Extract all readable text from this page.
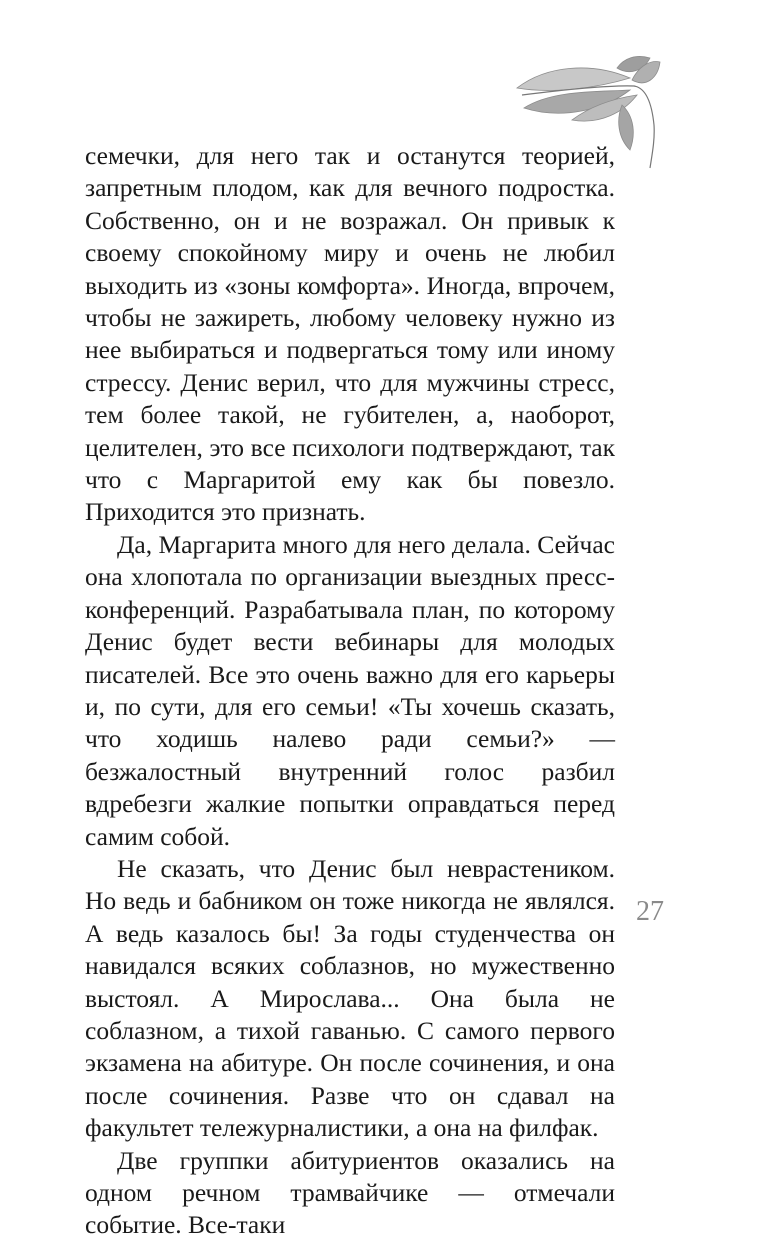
семечки, для него так и останутся теорией, запретным плодом, как для вечного подростка. Собственно, он и не возражал. Он привык к своему спокойному миру и очень не любил выходить из «зоны комфорта». Иногда, впрочем, чтобы не зажиреть, любому человеку нужно из нее выбираться и подвергаться тому или иному стрессу. Денис верил, что для мужчины стресс, тем более такой, не губителен, а, наоборот, целителен, это все психологи подтверждают, так что с Маргаритой ему как бы повезло. Приходится это признать.

Да, Маргарита много для него делала. Сейчас она хлопотала по организации выездных пресс-конференций. Разрабатывала план, по которому Денис будет вести вебинары для молодых писателей. Все это очень важно для его карьеры и, по сути, для его семьи! «Ты хочешь сказать, что ходишь налево ради семьи?» — безжалостный внутренний голос разбил вдребезги жалкие попытки оправдаться перед самим собой.

Не сказать, что Денис был неврастеником. Но ведь и бабником он тоже никогда не являлся. А ведь казалось бы! За годы студенчества он навидался всяких соблазнов, но мужественно выстоял. А Мирослава... Она была не соблазном, а тихой гаванью. С самого первого экзамена на абитуре. Он после сочинения, и она после сочинения. Разве что он сдавал на факультет тележурналистики, а она на филфак.

Две группки абитуриентов оказались на одном речном трамвайчике — отмечали событие. Все-таки

27
